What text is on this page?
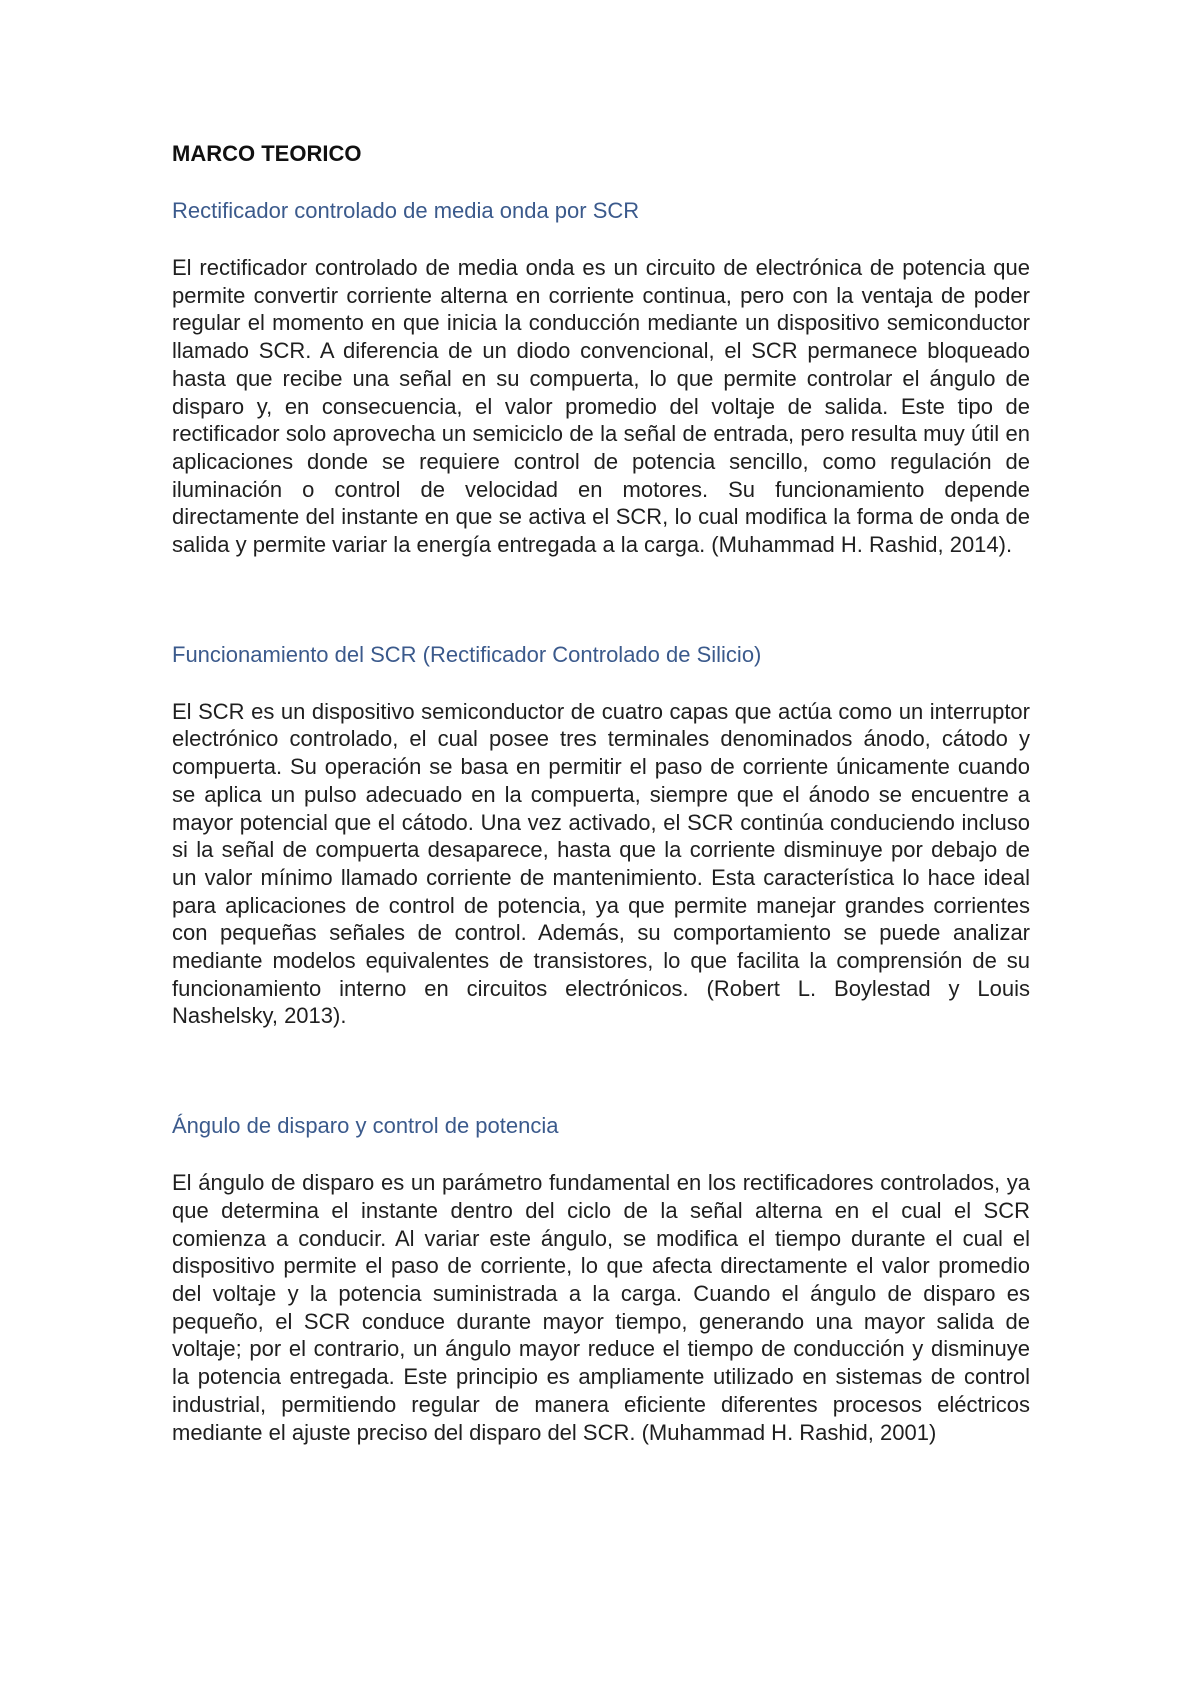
MARCO TEORICO
Rectificador controlado de media onda por SCR

El rectificador controlado de media onda es un circuito de electrónica de potencia que permite convertir corriente alterna en corriente continua, pero con la ventaja de poder regular el momento en que inicia la conducción mediante un dispositivo semiconductor llamado SCR. A diferencia de un diodo convencional, el SCR permanece bloqueado hasta que recibe una señal en su compuerta, lo que permite controlar el ángulo de disparo y, en consecuencia, el valor promedio del voltaje de salida. Este tipo de rectificador solo aprovecha un semiciclo de la señal de entrada, pero resulta muy útil en aplicaciones donde se requiere control de potencia sencillo, como regulación de iluminación o control de velocidad en motores. Su funcionamiento depende directamente del instante en que se activa el SCR, lo cual modifica la forma de onda de salida y permite variar la energía entregada a la carga. (Muhammad H. Rashid, 2014).

Funcionamiento del SCR (Rectificador Controlado de Silicio)

El SCR es un dispositivo semiconductor de cuatro capas que actúa como un interruptor electrónico controlado, el cual posee tres terminales denominados ánodo, cátodo y compuerta. Su operación se basa en permitir el paso de corriente únicamente cuando se aplica un pulso adecuado en la compuerta, siempre que el ánodo se encuentre a mayor potencial que el cátodo. Una vez activado, el SCR continúa conduciendo incluso si la señal de compuerta desaparece, hasta que la corriente disminuye por debajo de un valor mínimo llamado corriente de mantenimiento. Esta característica lo hace ideal para aplicaciones de control de potencia, ya que permite manejar grandes corrientes con pequeñas señales de control. Además, su comportamiento se puede analizar mediante modelos equivalentes de transistores, lo que facilita la comprensión de su funcionamiento interno en circuitos electrónicos. (Robert L. Boylestad y Louis Nashelsky, 2013).

Ángulo de disparo y control de potencia

El ángulo de disparo es un parámetro fundamental en los rectificadores controlados, ya que determina el instante dentro del ciclo de la señal alterna en el cual el SCR comienza a conducir. Al variar este ángulo, se modifica el tiempo durante el cual el dispositivo permite el paso de corriente, lo que afecta directamente el valor promedio del voltaje y la potencia suministrada a la carga. Cuando el ángulo de disparo es pequeño, el SCR conduce durante mayor tiempo, generando una mayor salida de voltaje; por el contrario, un ángulo mayor reduce el tiempo de conducción y disminuye la potencia entregada. Este principio es ampliamente utilizado en sistemas de control industrial, permitiendo regular de manera eficiente diferentes procesos eléctricos mediante el ajuste preciso del disparo del SCR. (Muhammad H. Rashid, 2001)
